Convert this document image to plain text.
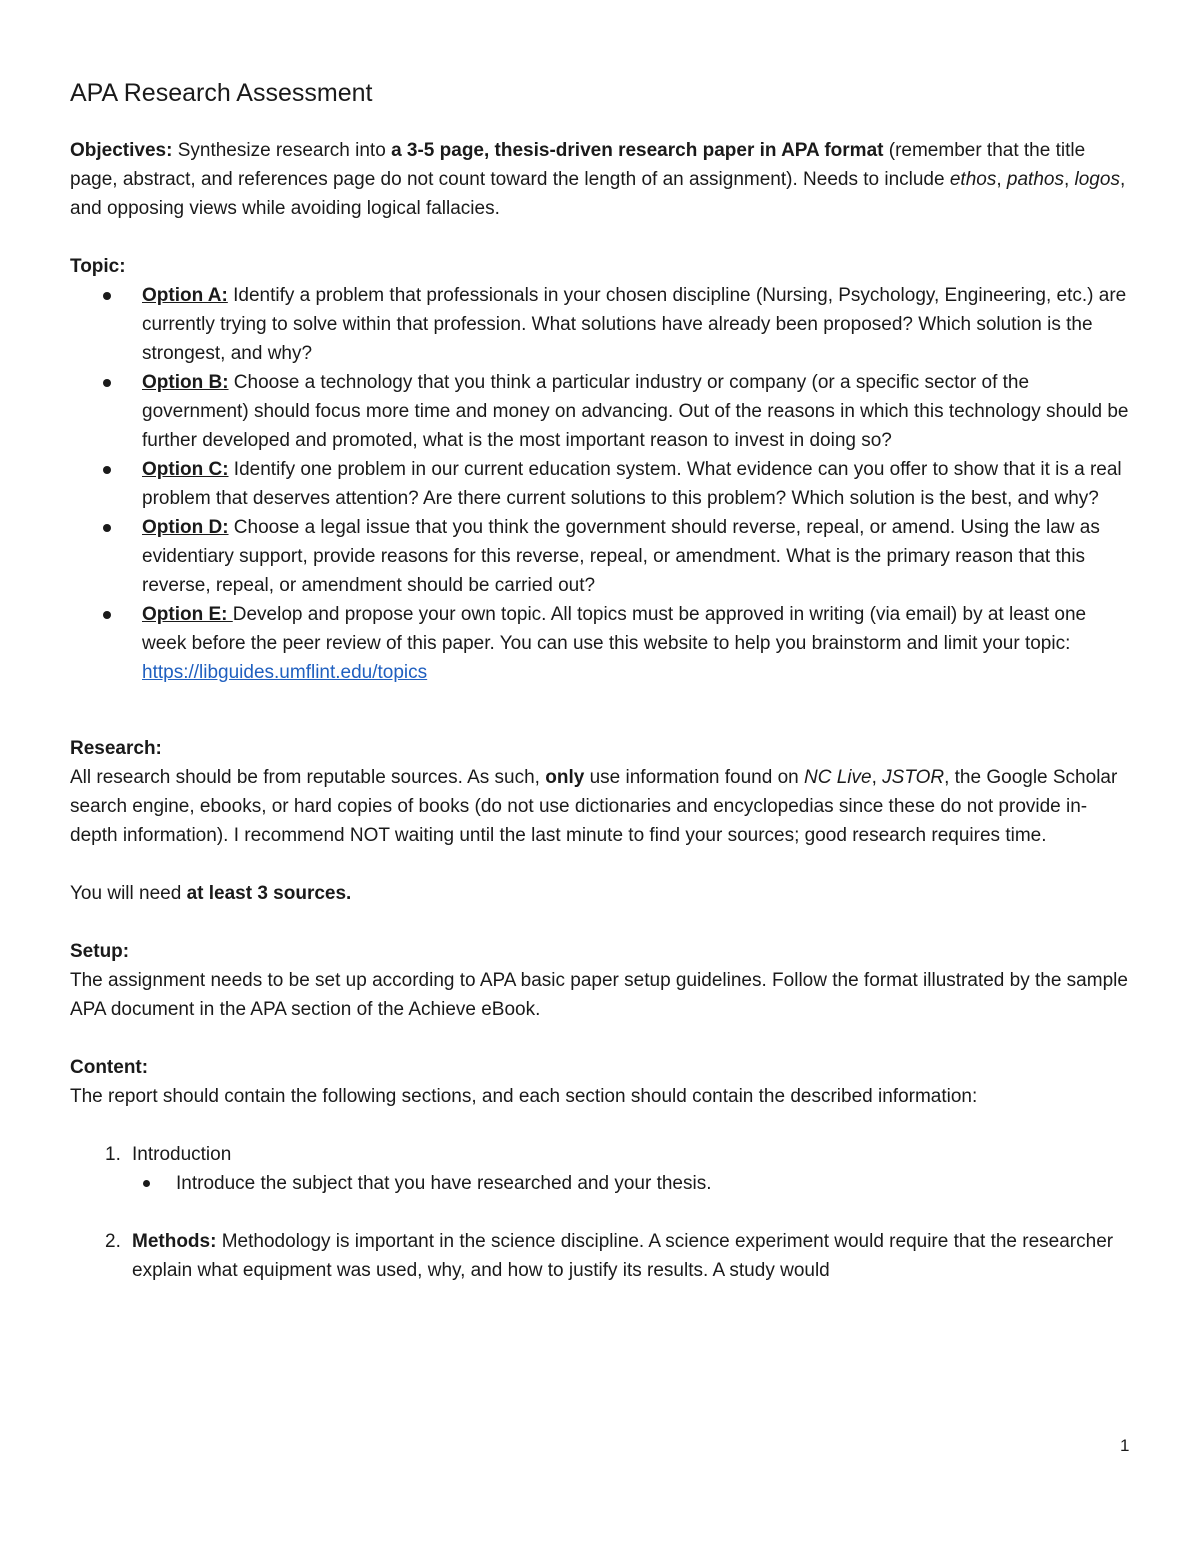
APA Research Assessment

Objectives: Synthesize research into a 3-5 page, thesis-driven research paper in APA format (remember that the title page, abstract, and references page do not count toward the length of an assignment). Needs to include ethos, pathos, logos, and opposing views while avoiding logical fallacies.

Topic:

Option A: Identify a problem that professionals in your chosen discipline (Nursing, Psychology, Engineering, etc.) are currently trying to solve within that profession. What solutions have already been proposed? Which solution is the strongest, and why?
Option B: Choose a technology that you think a particular industry or company (or a specific sector of the government) should focus more time and money on advancing. Out of the reasons in which this technology should be further developed and promoted, what is the most important reason to invest in doing so?
Option C: Identify one problem in our current education system. What evidence can you offer to show that it is a real problem that deserves attention? Are there current solutions to this problem? Which solution is the best, and why?
Option D: Choose a legal issue that you think the government should reverse, repeal, or amend. Using the law as evidentiary support, provide reasons for this reverse, repeal, or amendment. What is the primary reason that this reverse, repeal, or amendment should be carried out?
Option E: Develop and propose your own topic. All topics must be approved in writing (via email) by at least one week before the peer review of this paper. You can use this website to help you brainstorm and limit your topic: https://libguides.umflint.edu/topics

Research:

All research should be from reputable sources. As such, only use information found on NC Live, JSTOR, the Google Scholar search engine, ebooks, or hard copies of books (do not use dictionaries and encyclopedias since these do not provide in-depth information). I recommend NOT waiting until the last minute to find your sources; good research requires time.

You will need at least 3 sources.

Setup:

The assignment needs to be set up according to APA basic paper setup guidelines. Follow the format illustrated by the sample APA document in the APA section of the Achieve eBook.

Content:

The report should contain the following sections, and each section should contain the described information:

1. Introduction
Introduce the subject that you have researched and your thesis.
2. Methods: Methodology is important in the science discipline. A science experiment would require that the researcher explain what equipment was used, why, and how to justify its results. A study would
1
